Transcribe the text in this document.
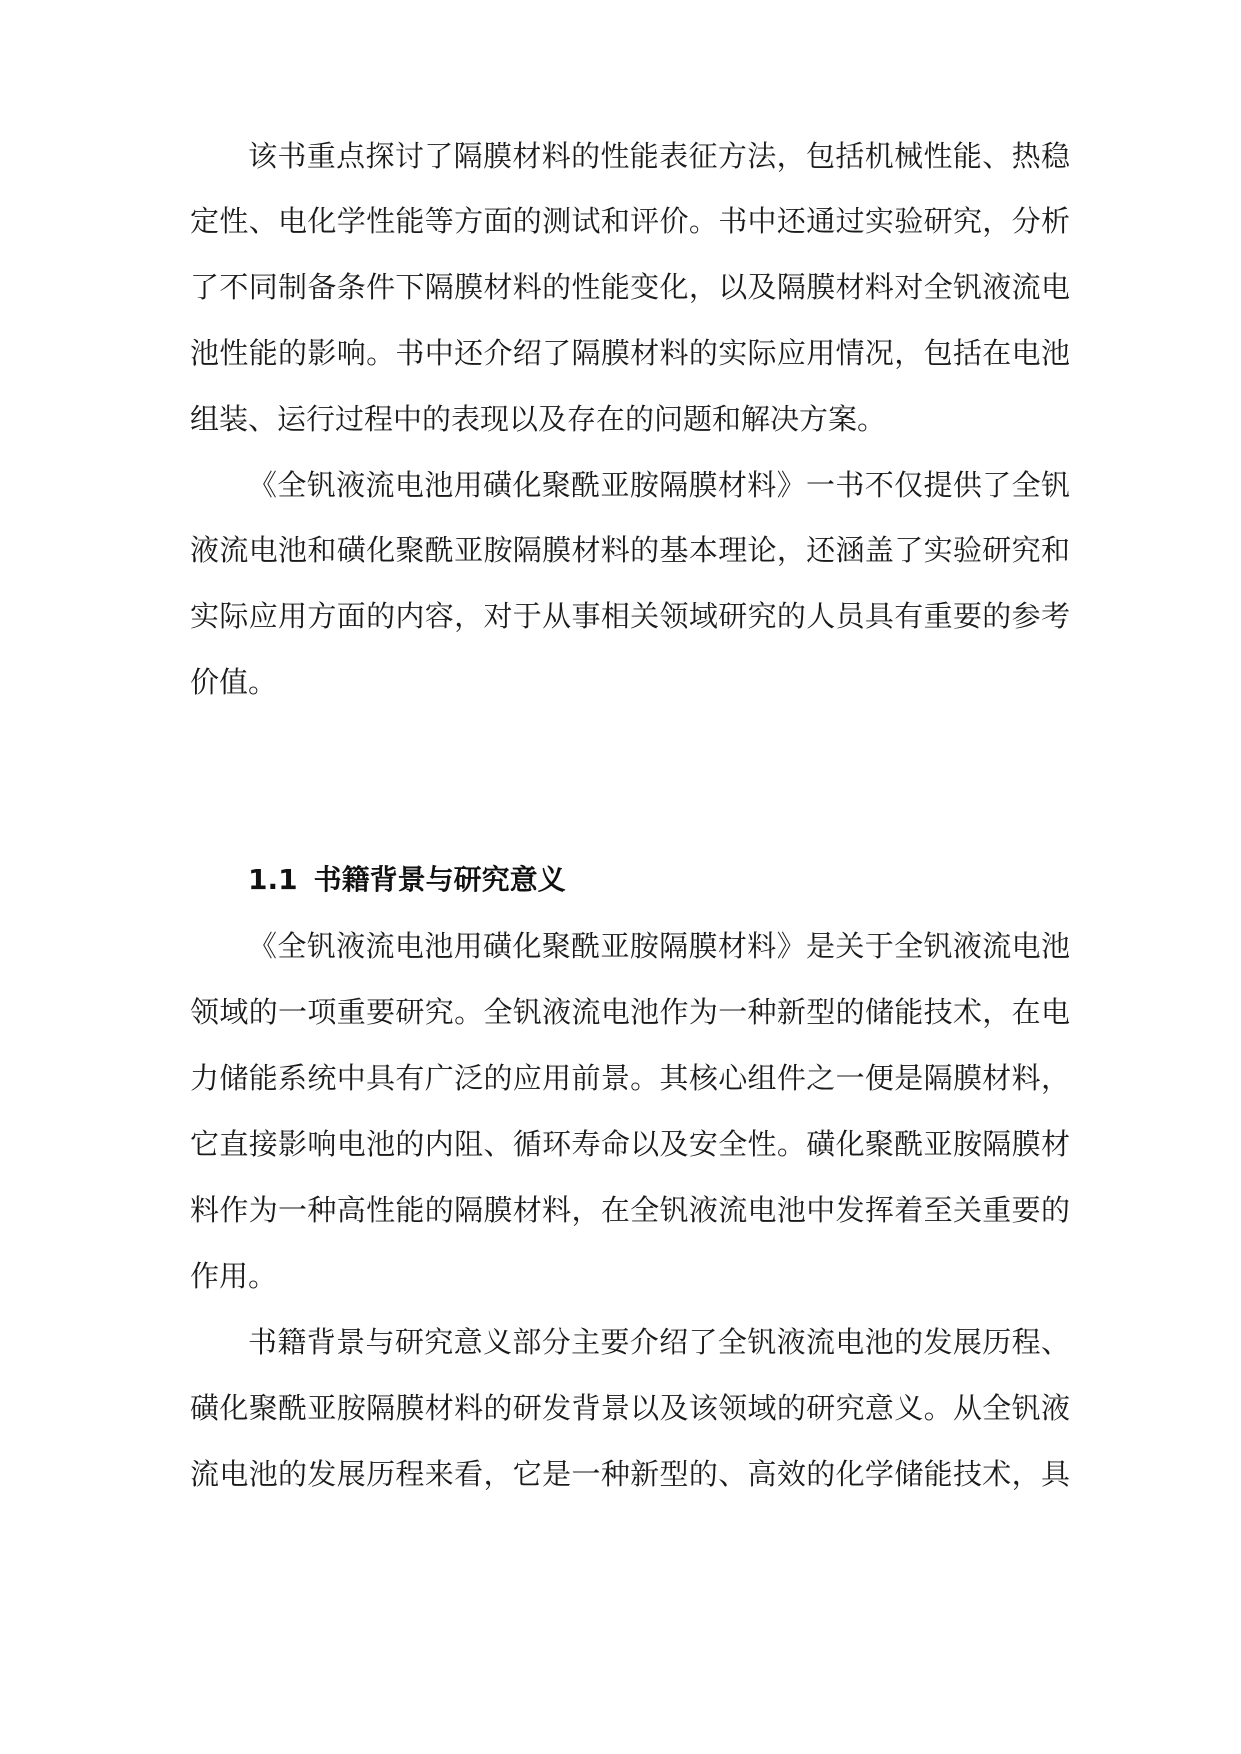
该书重点探讨了隔膜材料的性能表征方法，包括机械性能、热稳

定性、电化学性能等方面的测试和评价。书中还通过实验研究，分析

了不同制备条件下隔膜材料的性能变化，以及隔膜材料对全钒液流电

池性能的影响。书中还介绍了隔膜材料的实际应用情况，包括在电池

组装、运行过程中的表现以及存在的问题和解决方案。

《全钒液流电池用磺化聚酰亚胺隔膜材料》一书不仅提供了全钒

液流电池和磺化聚酰亚胺隔膜材料的基本理论，还涵盖了实验研究和

实际应用方面的内容，对于从事相关领域研究的人员具有重要的参考

价值。

1.1 书籍背景与研究意义

《全钒液流电池用磺化聚酰亚胺隔膜材料》是关于全钒液流电池

领域的一项重要研究。全钒液流电池作为一种新型的储能技术，在电

力储能系统中具有广泛的应用前景。其核心组件之一便是隔膜材料，

它直接影响电池的内阻、循环寿命以及安全性。磺化聚酰亚胺隔膜材

料作为一种高性能的隔膜材料，在全钒液流电池中发挥着至关重要的

作用。

书籍背景与研究意义部分主要介绍了全钒液流电池的发展历程、

磺化聚酰亚胺隔膜材料的研发背景以及该领域的研究意义。从全钒液

流电池的发展历程来看，它是一种新型的、高效的化学储能技术，具
